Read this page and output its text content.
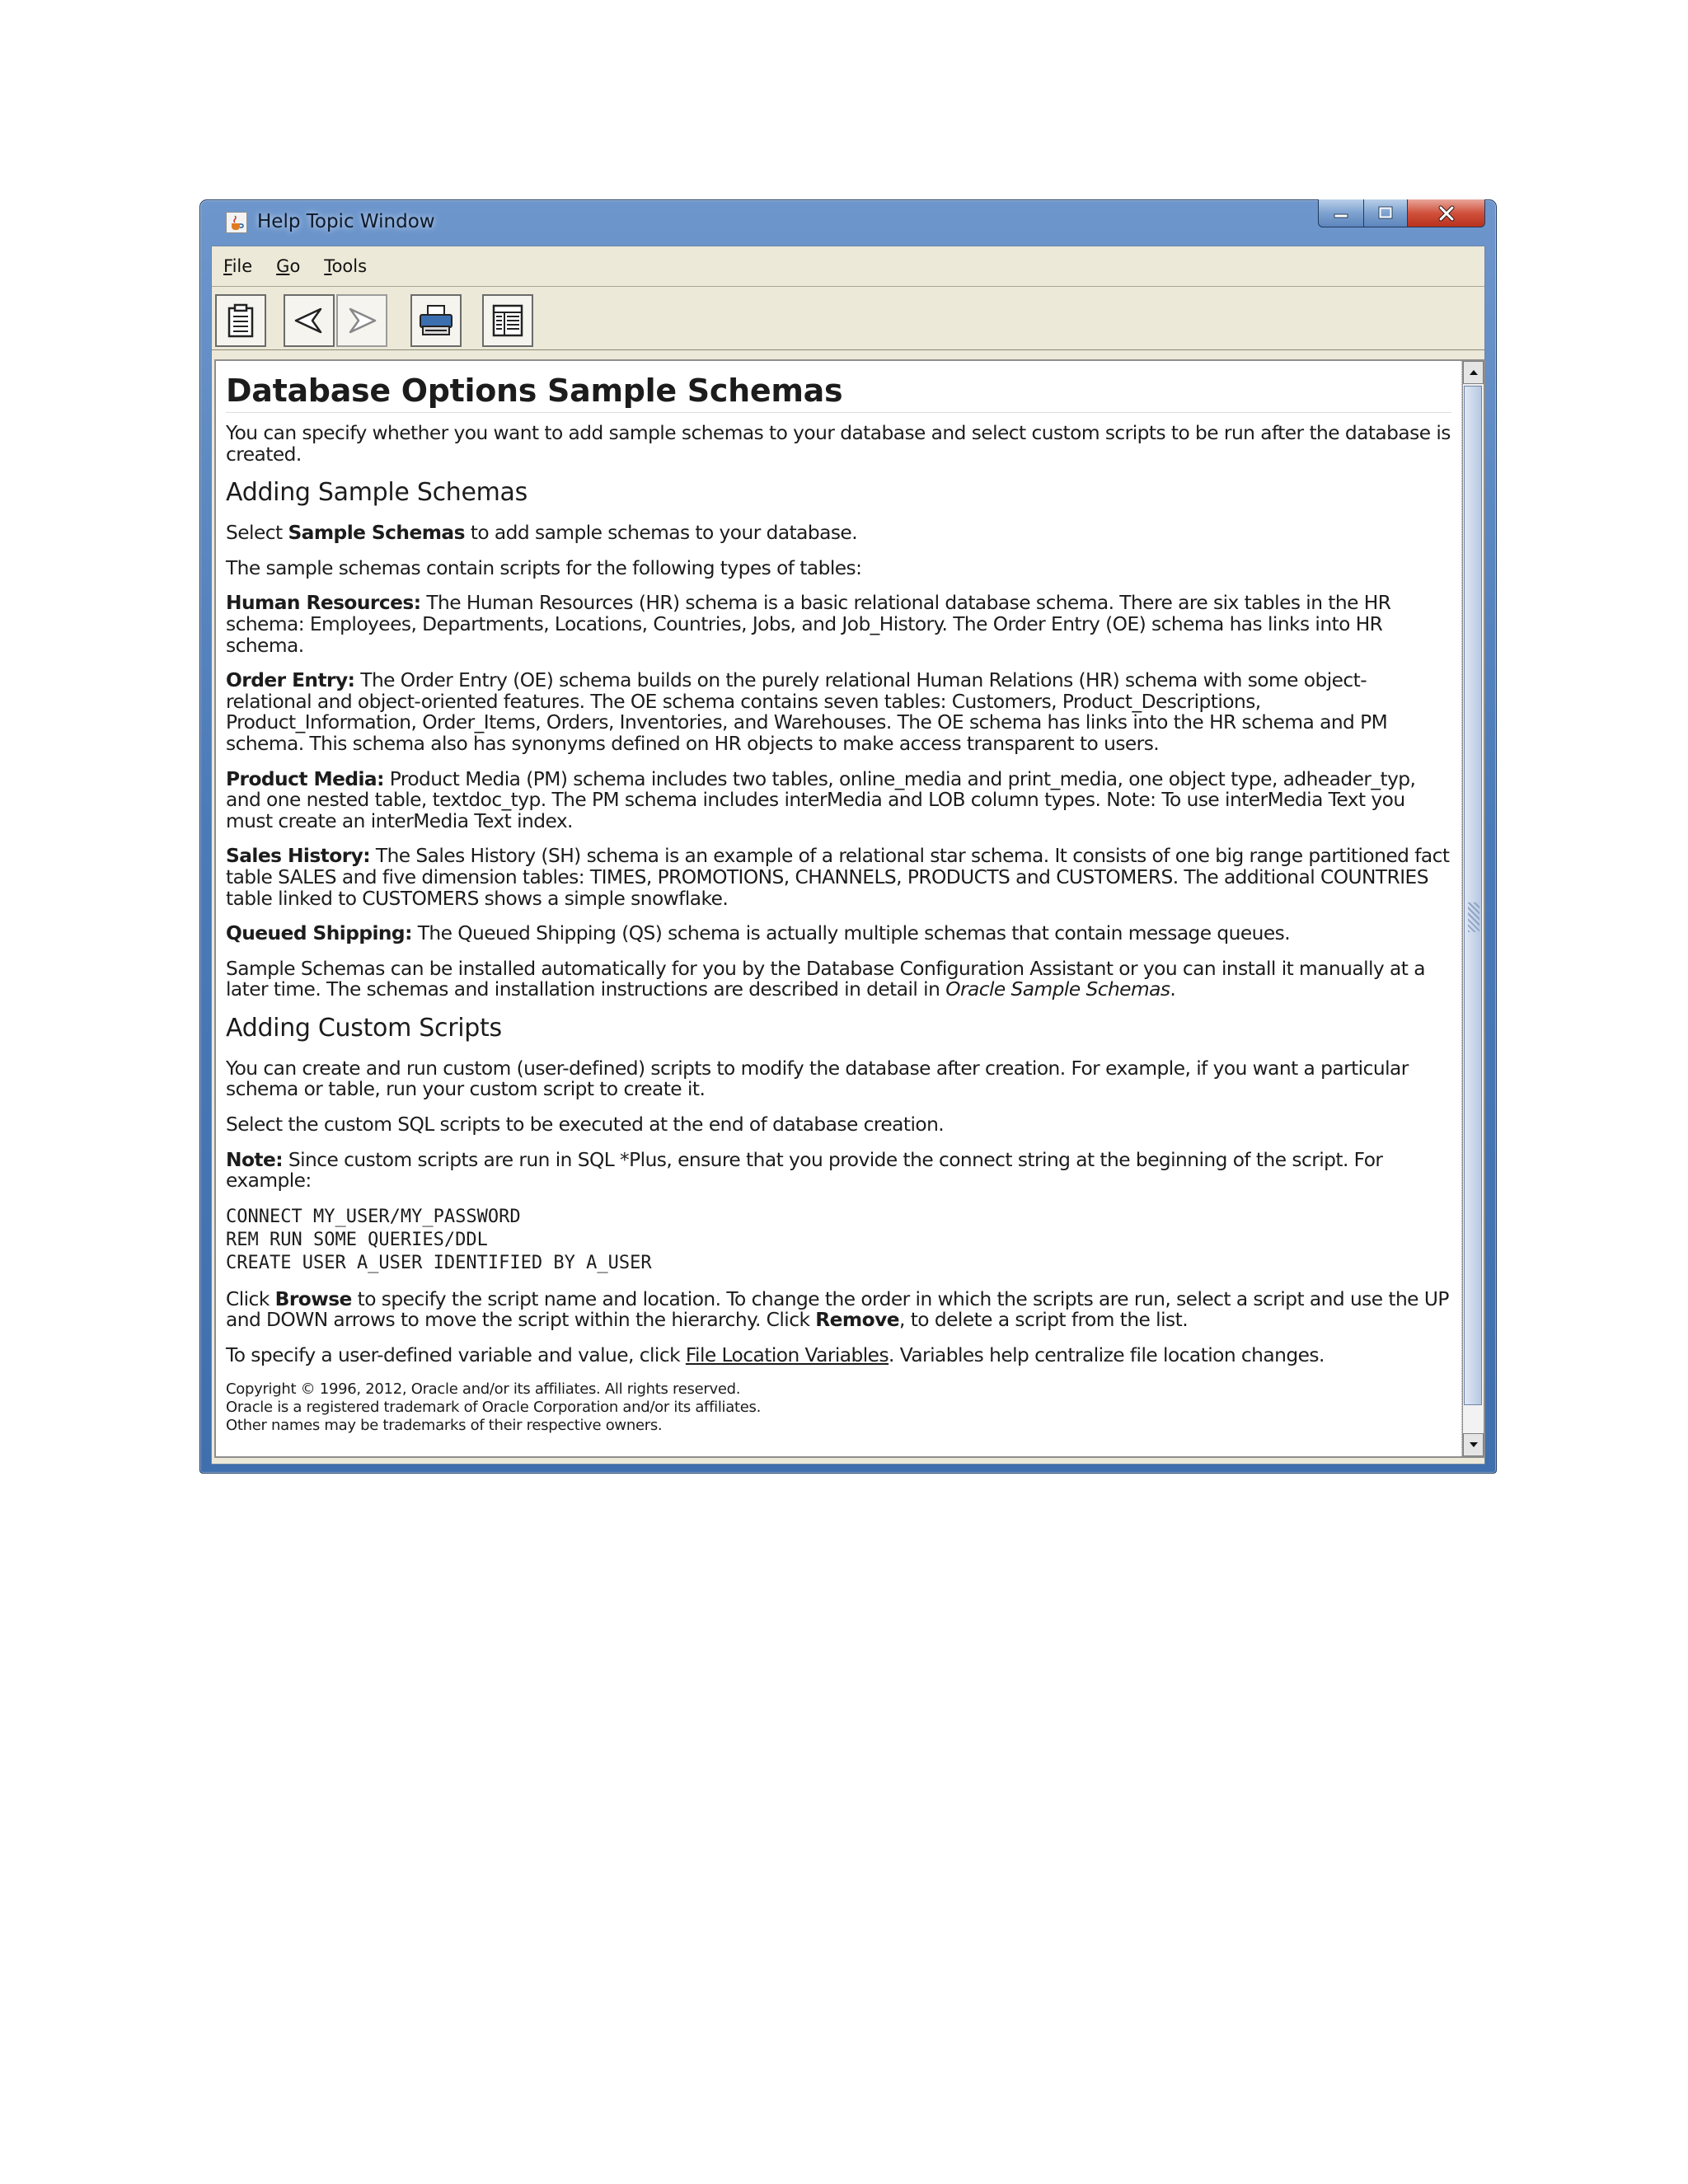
Help Topic Window
File Go Tools
Database Options Sample Schemas

You can specify whether you want to add sample schemas to your database and select custom scripts to be run after the database is created.

Adding Sample Schemas

Select Sample Schemas to add sample schemas to your database.

The sample schemas contain scripts for the following types of tables:

Human Resources: The Human Resources (HR) schema is a basic relational database schema. There are six tables in the HR schema: Employees, Departments, Locations, Countries, Jobs, and Job_History. The Order Entry (OE) schema has links into HR schema.

Order Entry: The Order Entry (OE) schema builds on the purely relational Human Relations (HR) schema with some object-relational and object-oriented features. The OE schema contains seven tables: Customers, Product_Descriptions, Product_Information, Order_Items, Orders, Inventories, and Warehouses. The OE schema has links into the HR schema and PM schema. This schema also has synonyms defined on HR objects to make access transparent to users.

Product Media: Product Media (PM) schema includes two tables, online_media and print_media, one object type, adheader_typ, and one nested table, textdoc_typ. The PM schema includes interMedia and LOB column types. Note: To use interMedia Text you must create an interMedia Text index.

Sales History: The Sales History (SH) schema is an example of a relational star schema. It consists of one big range partitioned fact table SALES and five dimension tables: TIMES, PROMOTIONS, CHANNELS, PRODUCTS and CUSTOMERS. The additional COUNTRIES table linked to CUSTOMERS shows a simple snowflake.

Queued Shipping: The Queued Shipping (QS) schema is actually multiple schemas that contain message queues.

Sample Schemas can be installed automatically for you by the Database Configuration Assistant or you can install it manually at a later time. The schemas and installation instructions are described in detail in Oracle Sample Schemas.

Adding Custom Scripts

You can create and run custom (user-defined) scripts to modify the database after creation. For example, if you want a particular schema or table, run your custom script to create it.

Select the custom SQL scripts to be executed at the end of database creation.

Note: Since custom scripts are run in SQL *Plus, ensure that you provide the connect string at the beginning of the script. For example:

CONNECT MY_USER/MY_PASSWORD
REM RUN SOME QUERIES/DDL
CREATE USER A_USER IDENTIFIED BY A_USER

Click Browse to specify the script name and location. To change the order in which the scripts are run, select a script and use the UP and DOWN arrows to move the script within the hierarchy. Click Remove, to delete a script from the list.

To specify a user-defined variable and value, click File Location Variables. Variables help centralize file location changes.

Copyright © 1996, 2012, Oracle and/or its affiliates. All rights reserved.
Oracle is a registered trademark of Oracle Corporation and/or its affiliates.
Other names may be trademarks of their respective owners.
